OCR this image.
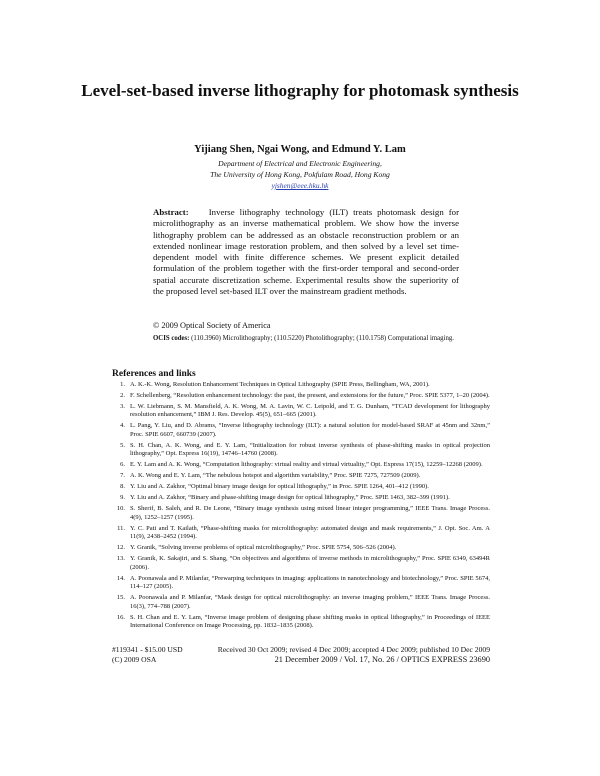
Level-set-based inverse lithography for photomask synthesis
Yijiang Shen, Ngai Wong, and Edmund Y. Lam
Department of Electrical and Electronic Engineering,
The University of Hong Kong, Pokfulam Road, Hong Kong
yjshen@eee.hku.hk
Abstract: Inverse lithography technology (ILT) treats photomask design for microlithography as an inverse mathematical problem. We show how the inverse lithography problem can be addressed as an obstacle reconstruction problem or an extended nonlinear image restoration problem, and then solved by a level set time-dependent model with finite difference schemes. We present explicit detailed formulation of the problem together with the first-order temporal and second-order spatial accurate discretization scheme. Experimental results show the superiority of the proposed level set-based ILT over the mainstream gradient methods.
© 2009 Optical Society of America
OCIS codes: (110.3960) Microlithography; (110.5220) Photolithography; (110.1758) Computational imaging.
References and links
1. A. K.-K. Wong, Resolution Enhancement Techniques in Optical Lithography (SPIE Press, Bellingham, WA, 2001).
2. F. Schellenberg, “Resolution enhancement technology: the past, the present, and extensions for the future,” Proc. SPIE 5377, 1–20 (2004).
3. L. W. Liebmann, S. M. Mansfield, A. K. Wong, M. A. Lavin, W. C. Leipold, and T. G. Dunham, “TCAD development for lithography resolution enhancement,” IBM J. Res. Develop. 45(5), 651–665 (2001).
4. L. Pang, Y. Liu, and D. Abrams, “Inverse lithography technology (ILT): a natural solution for model-based SRAF at 45nm and 32nm,” Proc. SPIE 6607, 660739 (2007).
5. S. H. Chan, A. K. Wong, and E. Y. Lam, “Initialization for robust inverse synthesis of phase-shifting masks in optical projection lithography,” Opt. Express 16(19), 14746–14760 (2008).
6. E. Y. Lam and A. K. Wong, “Computation lithography: virtual reality and virtual virtuality,” Opt. Express 17(15), 12259–12268 (2009).
7. A. K. Wong and E. Y. Lam, “The nebulous hotspot and algorithm variability,” Proc. SPIE 7275, 727509 (2009).
8. Y. Liu and A. Zakhor, “Optimal binary image design for optical lithography,” in Proc. SPIE 1264, 401–412 (1990).
9. Y. Liu and A. Zakhor, “Binary and phase-shifting image design for optical lithography,” Proc. SPIE 1463, 382–399 (1991).
10. S. Sherif, B. Saleh, and R. De Leone, “Binary image synthesis using mixed linear integer programming,” IEEE Trans. Image Process. 4(9), 1252–1257 (1995).
11. Y. C. Pati and T. Kailath, “Phase-shifting masks for microlithography: automated design and mask requirements,” J. Opt. Soc. Am. A 11(9), 2438–2452 (1994).
12. Y. Granik, “Solving inverse problems of optical microlithography,” Proc. SPIE 5754, 506–526 (2004).
13. Y. Granik, K. Sakajiri, and S. Shang, “On objectives and algorithms of inverse methods in microlithography,” Proc. SPIE 6349, 63494R (2006).
14. A. Poonawala and P. Milanfar, “Prewarping techniques in imaging: applications in nanotechnology and biotechnology,” Proc. SPIE 5674, 114–127 (2005).
15. A. Poonawala and P. Milanfar, “Mask design for optical microlithography: an inverse imaging problem,” IEEE Trans. Image Process. 16(3), 774–788 (2007).
16. S. H. Chan and E. Y. Lam, “Inverse image problem of designing phase shifting masks in optical lithography,” in Proceedings of IEEE International Conference on Image Processing, pp. 1832–1835 (2008).
#119341 - $15.00 USD	Received 30 Oct 2009; revised 4 Dec 2009; accepted 4 Dec 2009; published 10 Dec 2009
(C) 2009 OSA	21 December 2009 / Vol. 17, No. 26 / OPTICS EXPRESS 23690
